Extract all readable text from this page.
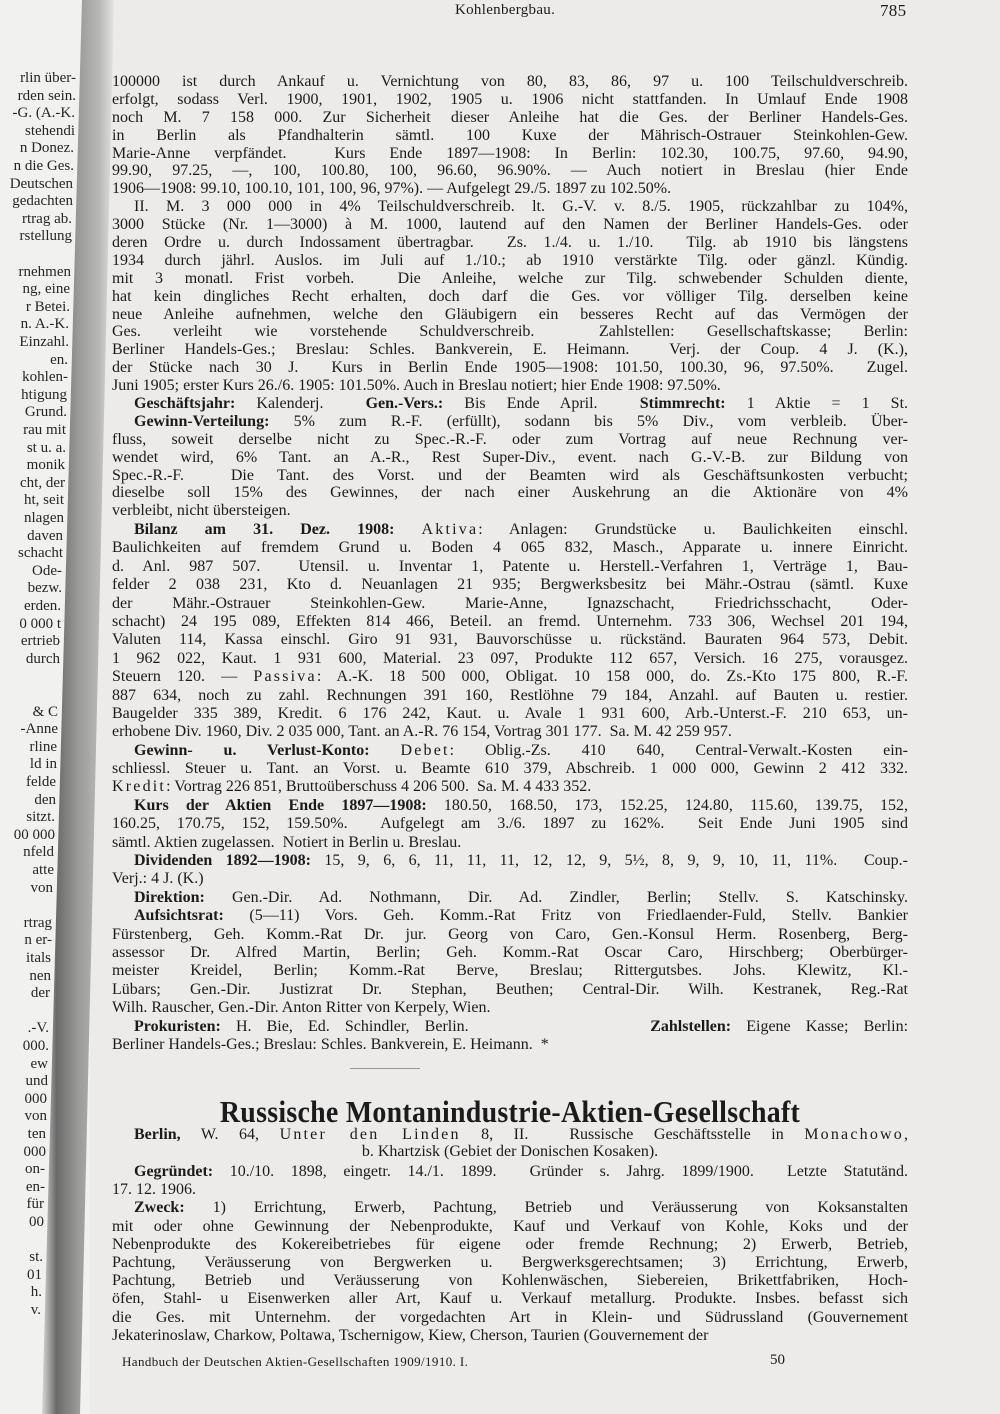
rlin über-
rden sein.
-G. (A.-K.
stehendi
n Donez.
n die Ges.
Deutschen
gedachten
rtrag ab.
rstellung
rnehmen
ng, eine
r Betei.
n. A.-K.
Einzahl.
en.
kohlen-
htigung
Grund.
rau mit
st u. a.
monik
cht, der
ht, seit
nlagen
daven
schacht
Ode-
bezw.
erden.
0 000 t
ertrieb
durch
& C
-Anne
rline
ld in
felde
den
sitzt.
00 000
nfeld
atte
von
rtrag
n er-
itals
nen
der
.-V.
000.
ew
und
000
von
ten
000
on-
en-
für
00
st.
01
h.
v.
Kohlenbergbau.	785
100000 ist durch Ankauf u. Vernichtung von 80, 83, 86, 97 u. 100 Teilschuldverschreib.
erfolgt, sodass Verl. 1900, 1901, 1902, 1905 u. 1906 nicht stattfanden. In Umlauf Ende 1908
noch M. 7 158 000. Zur Sicherheit dieser Anleihe hat die Ges. der Berliner Handels-Ges.
in Berlin als Pfandhalterin sämtl. 100 Kuxe der Mährisch-Ostrauer Steinkohlen-Gew.
Marie-Anne verpfändet.  Kurs Ende 1897—1908: In Berlin: 102.30, 100.75, 97.60, 94.90,
99.90, 97.25, —, 100, 100.80, 100, 96.60, 96.90%. — Auch notiert in Breslau (hier Ende
1906—1908: 99.10, 100.10, 101, 100, 96, 97%). — Aufgelegt 29./5. 1897 zu 102.50%.
II. M. 3 000 000 in 4% Teilschuldverschreib. lt. G.-V. v. 8./5. 1905, rückzahlbar zu 104%,
3000 Stücke (Nr. 1—3000) à M. 1000, lautend auf den Namen der Berliner Handels-Ges. oder
deren Ordre u. durch Indossament übertragbar.  Zs. 1./4. u. 1./10.  Tilg. ab 1910 bis längstens
1934 durch jährl. Auslos. im Juli auf 1./10.; ab 1910 verstärkte Tilg. oder gänzl. Kündig.
mit 3 monatl. Frist vorbeh.  Die Anleihe, welche zur Tilg. schwebender Schulden diente,
hat kein dingliches Recht erhalten, doch darf die Ges. vor völliger Tilg. derselben keine
neue Anleihe aufnehmen, welche den Gläubigern ein besseres Recht auf das Vermögen der
Ges. verleiht wie vorstehende Schuldverschreib.  Zahlstellen: Gesellschaftskasse; Berlin:
Berliner Handels-Ges.; Breslau: Schles. Bankverein, E. Heimann.  Verj. der Coup. 4 J. (K.),
der Stücke nach 30 J.  Kurs in Berlin Ende 1905—1908: 101.50, 100.30, 96, 97.50%.  Zugel.
Juni 1905; erster Kurs 26./6. 1905: 101.50%. Auch in Breslau notiert; hier Ende 1908: 97.50%.
Geschäftsjahr: Kalenderj.  Gen.-Vers.: Bis Ende April.  Stimmrecht: 1 Aktie = 1 St.
Gewinn-Verteilung: 5% zum R.-F. (erfüllt), sodann bis 5% Div., vom verbleib. Über-
fluss, soweit derselbe nicht zu Spec.-R.-F. oder zum Vortrag auf neue Rechnung ver-
wendet wird, 6% Tant. an A.-R., Rest Super-Div., event. nach G.-V.-B. zur Bildung von
Spec.-R.-F.  Die Tant. des Vorst. und der Beamten wird als Geschäftsunkosten verbucht;
dieselbe soll 15% des Gewinnes, der nach einer Auskehrung an die Aktionäre von 4%
verbleibt, nicht übersteigen.
Bilanz am 31. Dez. 1908: Aktiva: Anlagen: Grundstücke u. Baulichkeiten einschl.
Baulichkeiten auf fremdem Grund u. Boden 4 065 832, Masch., Apparate u. innere Einricht.
d. Anl. 987 507.  Utensil. u. Inventar 1, Patente u. Herstell.-Verfahren 1, Verträge 1, Bau-
felder 2 038 231, Kto d. Neuanlagen 21 935; Bergwerksbesitz bei Mähr.-Ostrau (sämtl. Kuxe
der Mähr.-Ostrauer Steinkohlen-Gew. Marie-Anne, Ignazschacht, Friedrichsschacht, Oder-
schacht) 24 195 089, Effekten 814 466, Beteil. an fremd. Unternehm. 733 306, Wechsel 201 194,
Valuten 114, Kassa einschl. Giro 91 931, Bauvorschüsse u. rückständ. Bauraten 964 573, Debit.
1 962 022, Kaut. 1 931 600, Material. 23 097, Produkte 112 657, Versich. 16 275, vorausgez.
Steuern 120. — Passiva: A.-K. 18 500 000, Obligat. 10 158 000, do. Zs.-Kto 175 800, R.-F.
887 634, noch zu zahl. Rechnungen 391 160, Restlöhne 79 184, Anzahl. auf Bauten u. restier.
Baugelder 335 389, Kredit. 6 176 242, Kaut. u. Avale 1 931 600, Arb.-Unterst.-F. 210 653, un-
erhobene Div. 1960, Div. 2 035 000, Tant. an A.-R. 76 154, Vortrag 301 177.  Sa. M. 42 259 957.
Gewinn- u. Verlust-Konto: Debet: Oblig.-Zs. 410 640, Central-Verwalt.-Kosten ein-
schliessl. Steuer u. Tant. an Vorst. u. Beamte 610 379, Abschreib. 1 000 000, Gewinn 2 412 332.
Kredit: Vortrag 226 851, Bruttoüberschuss 4 206 500.  Sa. M. 4 433 352.
Kurs der Aktien Ende 1897—1908: 180.50, 168.50, 173, 152.25, 124.80, 115.60, 139.75, 152,
160.25, 170.75, 152, 159.50%.  Aufgelegt am 3./6. 1897 zu 162%.  Seit Ende Juni 1905 sind
sämtl. Aktien zugelassen.  Notiert in Berlin u. Breslau.
Dividenden 1892—1908: 15, 9, 6, 6, 11, 11, 11, 12, 12, 9, 5½, 8, 9, 9, 10, 11, 11%.  Coup.-
Verj.: 4 J. (K.)
Direktion: Gen.-Dir. Ad. Nothmann, Dir. Ad. Zindler, Berlin; Stellv. S. Katschinsky.
Aufsichtsrat: (5—11) Vors. Geh. Komm.-Rat Fritz von Friedlaender-Fuld, Stellv. Bankier
Fürstenberg, Geh. Komm.-Rat Dr. jur. Georg von Caro, Gen.-Konsul Herm. Rosenberg, Berg-
assessor Dr. Alfred Martin, Berlin; Geh. Komm.-Rat Oscar Caro, Hirschberg; Oberbürger-
meister Kreidel, Berlin; Komm.-Rat Berve, Breslau; Rittergutsbes. Johs. Klewitz, Kl.-
Lübars; Gen.-Dir. Justizrat Dr. Stephan, Beuthen; Central-Dir. Wilh. Kestranek, Reg.-Rat
Wilh. Rauscher, Gen.-Dir. Anton Ritter von Kerpely, Wien.
Prokuristen: H. Bie, Ed. Schindler, Berlin.            Zahlstellen: Eigene Kasse; Berlin:
Berliner Handels-Ges.; Breslau: Schles. Bankverein, E. Heimann.  *
Russische Montanindustrie-Aktien-Gesellschaft
Berlin, W. 64, Unter den Linden 8, II.  Russische Geschäftsstelle in Monachowo,
b. Khartzisk (Gebiet der Donischen Kosaken).
Gegründet: 10./10. 1898, eingetr. 14./1. 1899.  Gründer s. Jahrg. 1899/1900.  Letzte Statutänd.
17. 12. 1906.
Zweck: 1) Errichtung, Erwerb, Pachtung, Betrieb und Veräusserung von Koksanstalten
mit oder ohne Gewinnung der Nebenprodukte, Kauf und Verkauf von Kohle, Koks und der
Nebenprodukte des Kokereibetriebes für eigene oder fremde Rechnung; 2) Erwerb, Betrieb,
Pachtung, Veräusserung von Bergwerken u. Bergwerksgerechtsamen; 3) Errichtung, Erwerb,
Pachtung, Betrieb und Veräusserung von Kohlenwäschen, Siebereien, Brikettfabriken, Hoch-
öfen, Stahl- u Eisenwerken aller Art, Kauf u. Verkauf metallurg. Produkte. Insbes. befasst sich
die Ges. mit Unternehm. der vorgedachten Art in Klein- und Südrussland (Gouvernement
Jekaterinoslaw, Charkow, Poltawa, Tschernigow, Kiew, Cherson, Taurien (Gouvernement der
Handbuch der Deutschen Aktien-Gesellschaften 1909/1910. I.	50
